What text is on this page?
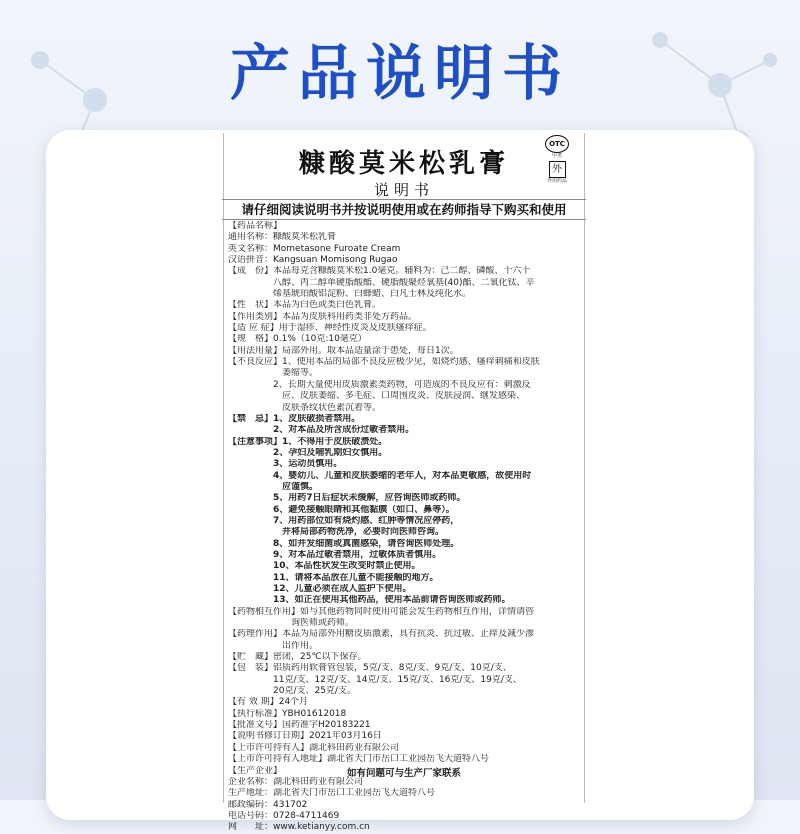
产品说明书
OTC
甲类
外
外用药品
糠酸莫米松乳膏
说明书
请仔细阅读说明书并按说明使用或在药师指导下购买和使用
【药品名称】
通用名称：糠酸莫米松乳膏
英文名称：Mometasone Furoate Cream
汉语拼音：Kangsuan Momisong Rugao
【成　份】本品每克含糠酸莫米松1.0毫克。辅料为：己二醇、磷酸、十六十
　　　　　八醇、丙二醇单硬脂酸酯、硬脂酸聚烃氧基(40)酯、二氧化钛、辛
　　　　　烯基琥珀酸铝淀粉、白蜂蜡、白凡士林及纯化水。
【性　状】本品为白色或类白色乳膏。
【作用类别】本品为皮肤科用药类非处方药品。
【适 应 症】用于湿疹、神经性皮炎及皮肤瘙痒症。
【规　格】0.1%（10克:10毫克）
【用法用量】局部外用。取本品适量涂于患处，每日1次。
【不良反应】1、使用本品的局部不良反应极少见，如烧灼感、瘙痒刺痛和皮肤
　　　　　　萎缩等。
　　　　　2、长期大量使用皮质激素类药物，可造成的不良反应有：刺激反
　　　　　　应、皮肤萎缩、多毛症、口周围皮炎、皮肤浸润、继发感染、
　　　　　　皮肤条纹状色素沉着等。
【禁　忌】1、皮肤破损者禁用。
　　　　　2、对本品及所含成份过敏者禁用。
【注意事项】1、不得用于皮肤破溃处。
　　　　　2、孕妇及哺乳期妇女慎用。
　　　　　3、运动员慎用。
　　　　　4、婴幼儿、儿童和皮肤萎缩的老年人，对本品更敏感，故使用时
　　　　　　应谨慎。
　　　　　5、用药7日后症状未缓解，应咨询医师或药师。
　　　　　6、避免接触眼睛和其他黏膜（如口、鼻等）。
　　　　　7、用药部位如有烧灼感、红肿等情况应停药，
　　　　　　并将局部药物洗净，必要时向医师咨询。
　　　　　8、如并发细菌或真菌感染，请咨询医师处理。
　　　　　9、对本品过敏者禁用，过敏体质者慎用。
　　　　　10、本品性状发生改变时禁止使用。
　　　　　11、请将本品放在儿童不能接触的地方。
　　　　　12、儿童必须在成人监护下使用。
　　　　　13、如正在使用其他药品，使用本品前请咨询医师或药师。
【药物相互作用】如与其他药物同时使用可能会发生药物相互作用，详情请咨
　　　　　　　询医师或药师。
【药理作用】本品为局部外用糖皮质激素，具有抗炎、抗过敏、止痒及减少渗
　　　　　　出作用。
【贮　藏】密闭，25℃以下保存。
【包　装】铝质药用软膏管包装，5克/支、8克/支、9克/支、10克/支、
　　　　　11克/支、12克/支、14克/支、15克/支、16克/支、19克/支、
　　　　　20克/支、25克/支。
【有 效 期】24个月
【执行标准】YBH01612018
【批准文号】国药准字H20183221
【说明书修订日期】2021年03月16日
【上市许可持有人】湖北科田药业有限公司
【上市许可持有人地址】湖北省天门市岳口工业园岳飞大道特八号
【生产企业】
企业名称：湖北科田药业有限公司
生产地址：湖北省天门市岳口工业园岳飞大道特八号
邮政编码：431702
电话号码：0728-4711469
网　　址：www.ketianyy.com.cn
如有问题可与生产厂家联系
